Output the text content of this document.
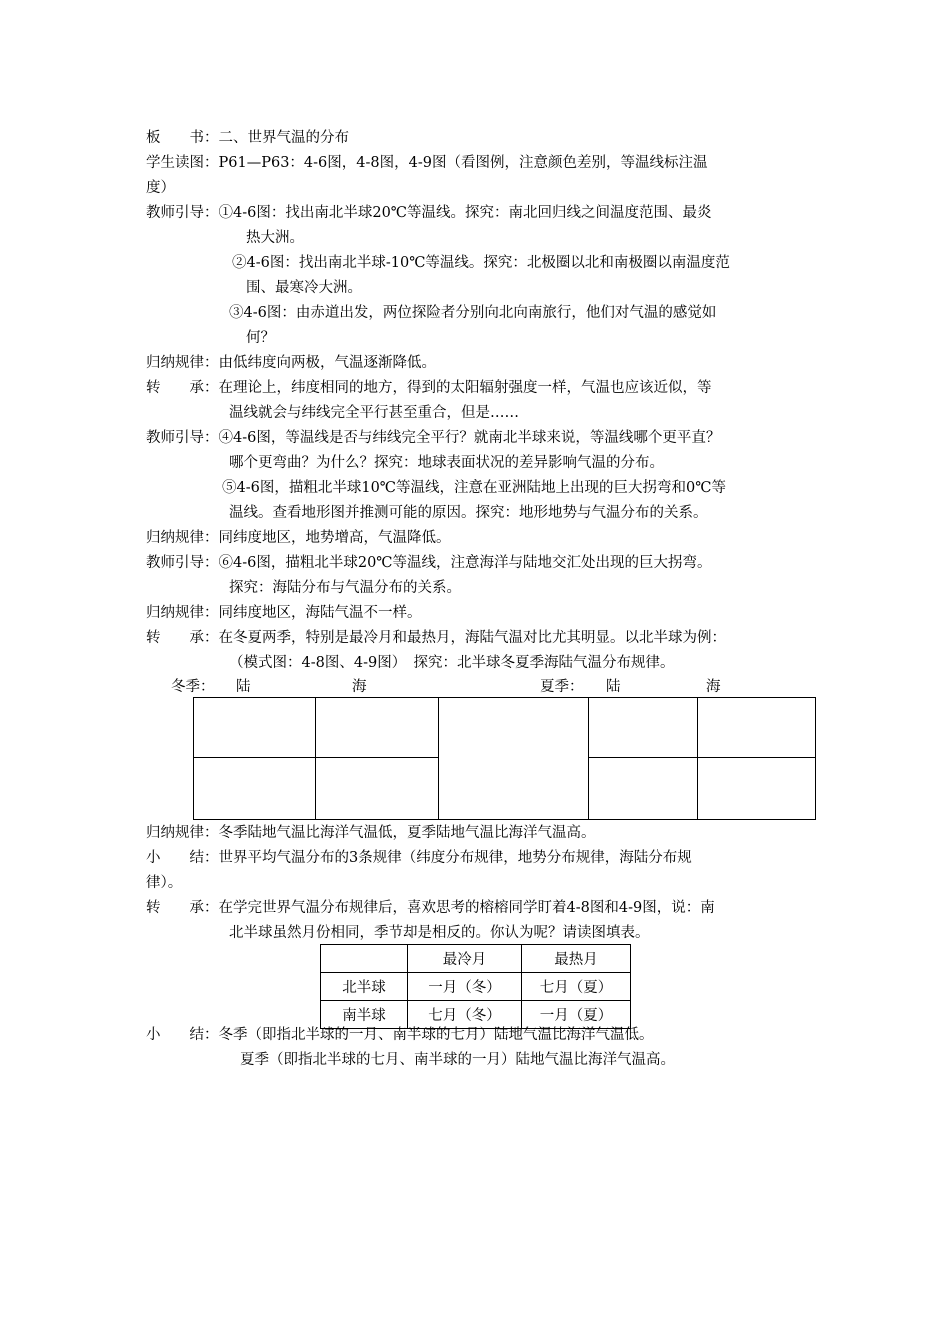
板　　书：二、世界气温的分布
学生读图：P61—P63：4-6图，4-8图，4-9图（看图例，注意颜色差别，等温线标注温
度）
教师引导：①4-6图：找出南北半球20℃等温线。探究：南北回归线之间温度范围、最炎
热大洲。
②4-6图：找出南北半球-10℃等温线。探究：北极圈以北和南极圈以南温度范
围、最寒冷大洲。
③4-6图：由赤道出发，两位探险者分别向北向南旅行，他们对气温的感觉如
何？
归纳规律：由低纬度向两极，气温逐渐降低。
转　　承：在理论上，纬度相同的地方，得到的太阳辐射强度一样，气温也应该近似，等
温线就会与纬线完全平行甚至重合，但是……
教师引导：④4-6图，等温线是否与纬线完全平行？就南北半球来说，等温线哪个更平直？
哪个更弯曲？为什么？探究：地球表面状况的差异影响气温的分布。
⑤4-6图，描粗北半球10℃等温线，注意在亚洲陆地上出现的巨大拐弯和0℃等
温线。查看地形图并推测可能的原因。探究：地形地势与气温分布的关系。
归纳规律：同纬度地区，地势增高，气温降低。
教师引导：⑥4-6图，描粗北半球20℃等温线，注意海洋与陆地交汇处出现的巨大拐弯。
探究：海陆分布与气温分布的关系。
归纳规律：同纬度地区，海陆气温不一样。
转　　承：在冬夏两季，特别是最冷月和最热月，海陆气温对比尤其明显。以北半球为例：
（模式图：4-8图、4-9图）　探究：北半球冬夏季海陆气温分布规律。
冬季： 陆	海	夏季： 陆	海
归纳规律：冬季陆地气温比海洋气温低，夏季陆地气温比海洋气温高。
小　　结：世界平均气温分布的3条规律（纬度分布规律，地势分布规律，海陆分布规
律）。
转　　承：在学完世界气温分布规律后，喜欢思考的榕榕同学盯着4-8图和4-9图，说：南
北半球虽然月份相同，季节却是相反的。你认为呢？请读图填表。
	最冷月	最热月
北半球	一月（冬）	七月（夏）
南半球	七月（冬）	一月（夏）
小　　结：冬季（即指北半球的一月、南半球的七月）陆地气温比海洋气温低。
夏季（即指北半球的七月、南半球的一月）陆地气温比海洋气温高。
